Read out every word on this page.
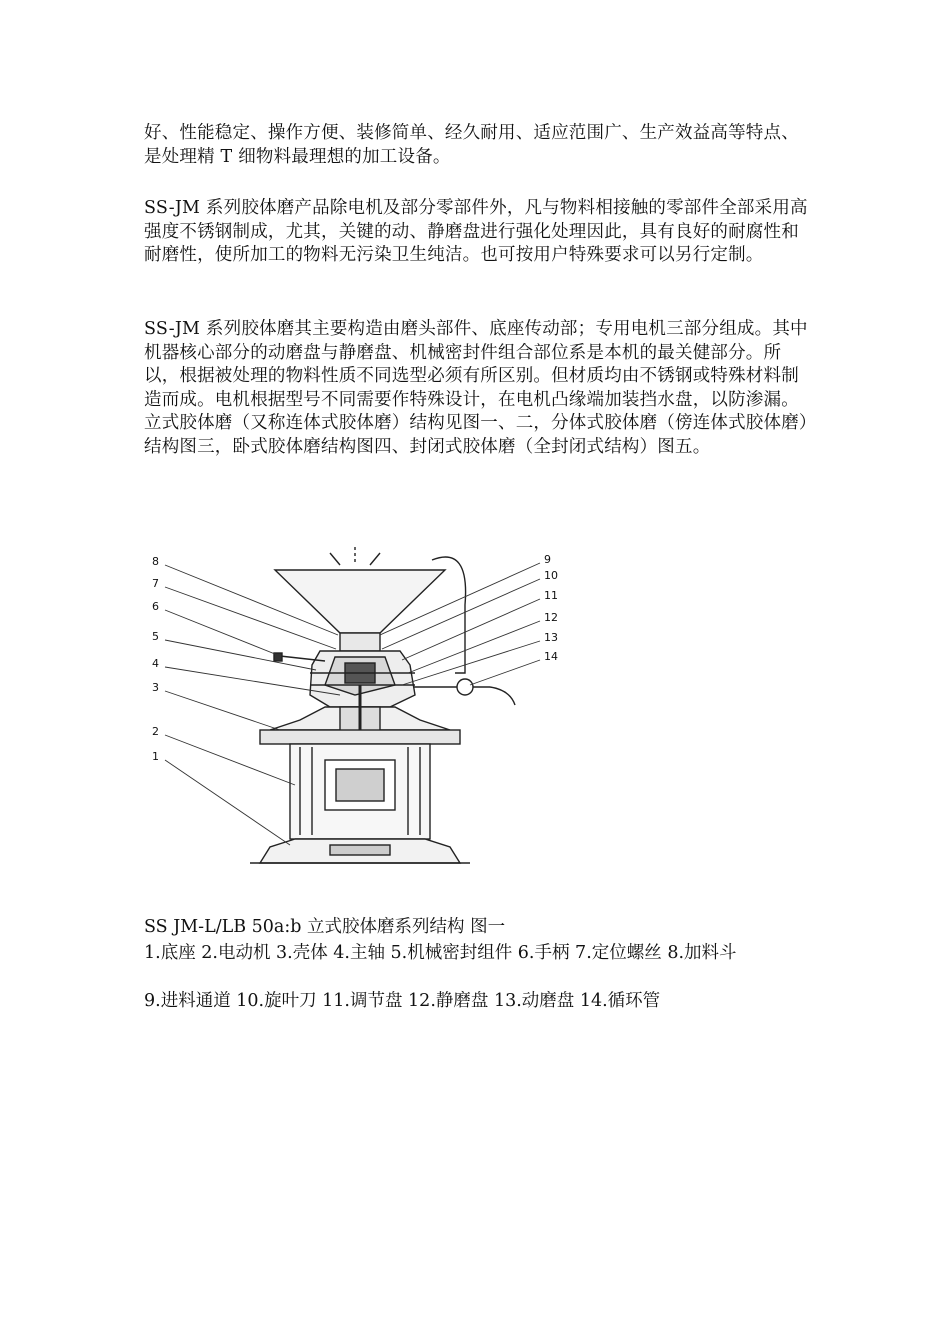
好、性能稳定、操作方便、装修简单、经久耐用、适应范围广、生产效益高等特点、是处理精 T 细物料最理想的加工设备。

SS-JM 系列胶体磨产品除电机及部分零部件外，凡与物料相接触的零部件全部采用高强度不锈钢制成，尤其，关键的动、静磨盘进行强化处理因此，具有良好的耐腐性和耐磨性，使所加工的物料无污染卫生纯洁。也可按用户特殊要求可以另行定制。

SS-JM 系列胶体磨其主要构造由磨头部件、底座传动部；专用电机三部分组成。其中机器核心部分的动磨盘与静磨盘、机械密封件组合部位系是本机的最关健部分。所以，根据被处理的物料性质不同选型必须有所区别。但材质均由不锈钢或特殊材料制造而成。电机根据型号不同需要作特殊设计，在电机凸缘端加装挡水盘，以防渗漏。立式胶体磨（又称连体式胶体磨）结构见图一、二，分体式胶体磨（傍连体式胶体磨）结构图三，卧式胶体磨结构图四、封闭式胶体磨（全封闭式结构）图五。

8
7
6
5
4
3
2
1
9
10
11
12
13
14

SS JM-L/LB 50a:b 立式胶体磨系列结构 图一

1.底座 2.电动机 3.壳体 4.主轴 5.机械密封组件 6.手柄 7.定位螺丝 8.加料斗

9.进料通道 10.旋叶刀 11.调节盘 12.静磨盘 13.动磨盘 14.循环管
